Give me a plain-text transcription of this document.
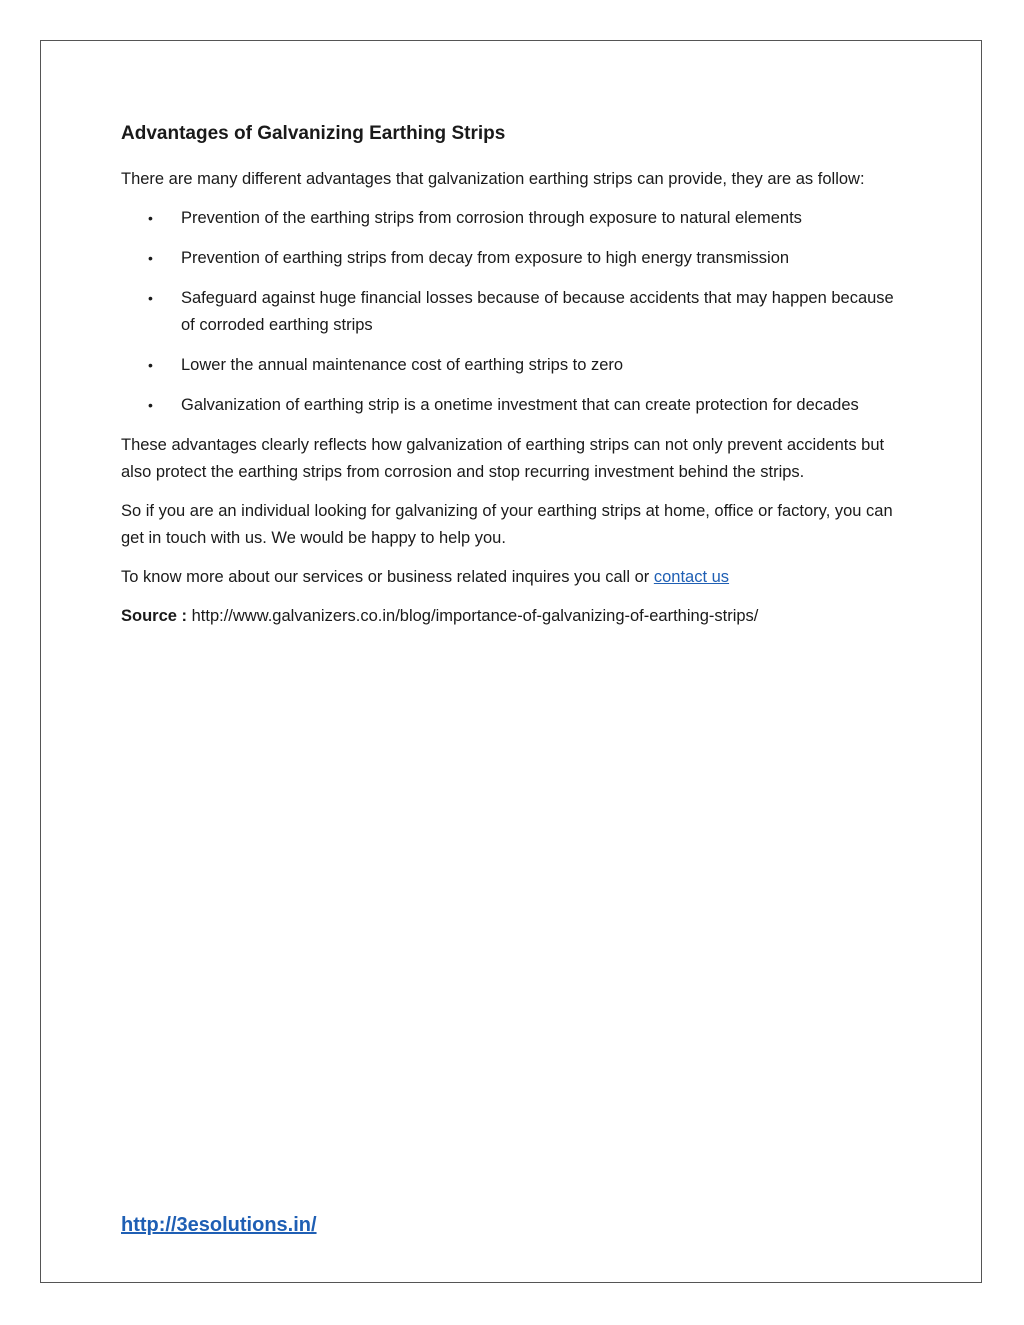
Advantages of Galvanizing Earthing Strips

There are many different advantages that galvanization earthing strips can provide, they are as follow:

• Prevention of the earthing strips from corrosion through exposure to natural elements
• Prevention of earthing strips from decay from exposure to high energy transmission
• Safeguard against huge financial losses because of because accidents that may happen because of corroded earthing strips
• Lower the annual maintenance cost of earthing strips to zero
• Galvanization of earthing strip is a onetime investment that can create protection for decades

These advantages clearly reflects how galvanization of earthing strips can not only prevent accidents but also protect the earthing strips from corrosion and stop recurring investment behind the strips.

So if you are an individual looking for galvanizing of your earthing strips at home, office or factory, you can get in touch with us. We would be happy to help you.

To know more about our services or business related inquires you call or contact us

Source : http://www.galvanizers.co.in/blog/importance-of-galvanizing-of-earthing-strips/

http://3esolutions.in/
